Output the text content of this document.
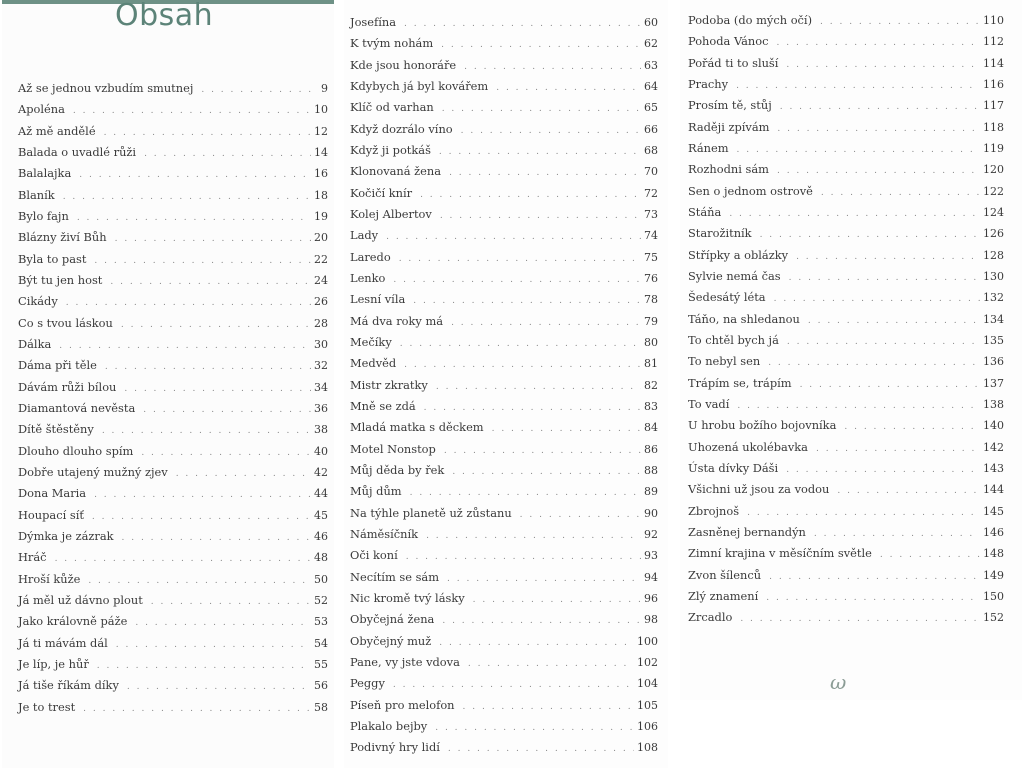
Obsah
Až se jednou vzbudím smutnej . . .	9
Apoléna . . .	10
Až mě andělé . . .	12
Balada o uvadlé růži . . .	14
Balalajka . . .	16
Blaník . . .	18
Bylo fajn . . .	19
Blázny živí Bůh . . .	20
Byla to past . . .	22
Být tu jen host . . .	24
Cikády . . .	26
Co s tvou láskou . . .	28
Dálka . . .	30
Dáma při těle . . .	32
Dávám růži bílou . . .	34
Diamantová nevěsta . . .	36
Dítě štěstěny . . .	38
Dlouho dlouho spím . . .	40
Dobře utajený mužný zjev . . .	42
Dona Maria . . .	44
Houpací síť . . .	45
Dýmka je zázrak . . .	46
Hráč . . .	48
Hroší kůže . . .	50
Já měl už dávno plout . . .	52
Jako královně páže . . .	53
Já ti mávám dál . . .	54
Je líp, je hůř . . .	55
Já tiše říkám díky . . .	56
Je to trest . . .	58
Josefína . . .	60
K tvým nohám . . .	62
Kde jsou honoráře . . .	63
Kdybych já byl kovářem . . .	64
Klíč od varhan . . .	65
Když dozrálo víno . . .	66
Když ji potkáš . . .	68
Klonovaná žena . . .	70
Kočičí knír . . .	72
Kolej Albertov . . .	73
Lady . . .	74
Laredo . . .	75
Lenko . . .	76
Lesní víla . . .	78
Má dva roky má . . .	79
Mečíky . . .	80
Medvěd . . .	81
Mistr zkratky . . .	82
Mně se zdá . . .	83
Mladá matka s děckem . . .	84
Motel Nonstop . . .	86
Můj děda by řek . . .	88
Můj dům . . .	89
Na týhle planetě už zůstanu . . .	90
Náměsíčník . . .	92
Oči koní . . .	93
Necítím se sám . . .	94
Nic kromě tvý lásky . . .	96
Obyčejná žena . . .	98
Obyčejný muž . . .	100
Pane, vy jste vdova . . .	102
Peggy . . .	104
Píseň pro melofon . . .	105
Plakalo bejby . . .	106
Podivný hry lidí . . .	108
Podoba (do mých očí) . . .	110
Pohoda Vánoc . . .	112
Pořád ti to sluší . . .	114
Prachy . . .	116
Prosím tě, stůj . . .	117
Raději zpívám . . .	118
Ránem . . .	119
Rozhodni sám . . .	120
Sen o jednom ostrově . . .	122
Stáňa . . .	124
Starožitník . . .	126
Střípky a oblázky . . .	128
Sylvie nemá čas . . .	130
Šedesátý léta . . .	132
Táňo, na shledanou . . .	134
To chtěl bych já . . .	135
To nebyl sen . . .	136
Trápím se, trápím . . .	137
To vadí . . .	138
U hrobu božího bojovníka . . .	140
Uhozená ukolébavka . . .	142
Ústa dívky Dáši . . .	143
Všichni už jsou za vodou . . .	144
Zbrojnoš . . .	145
Zasněnej bernandýn . . .	146
Zimní krajina v měsíčním světle . . .	148
Zvon šílenců . . .	149
Zlý znamení . . .	150
Zrcadlo . . .	152
ω
